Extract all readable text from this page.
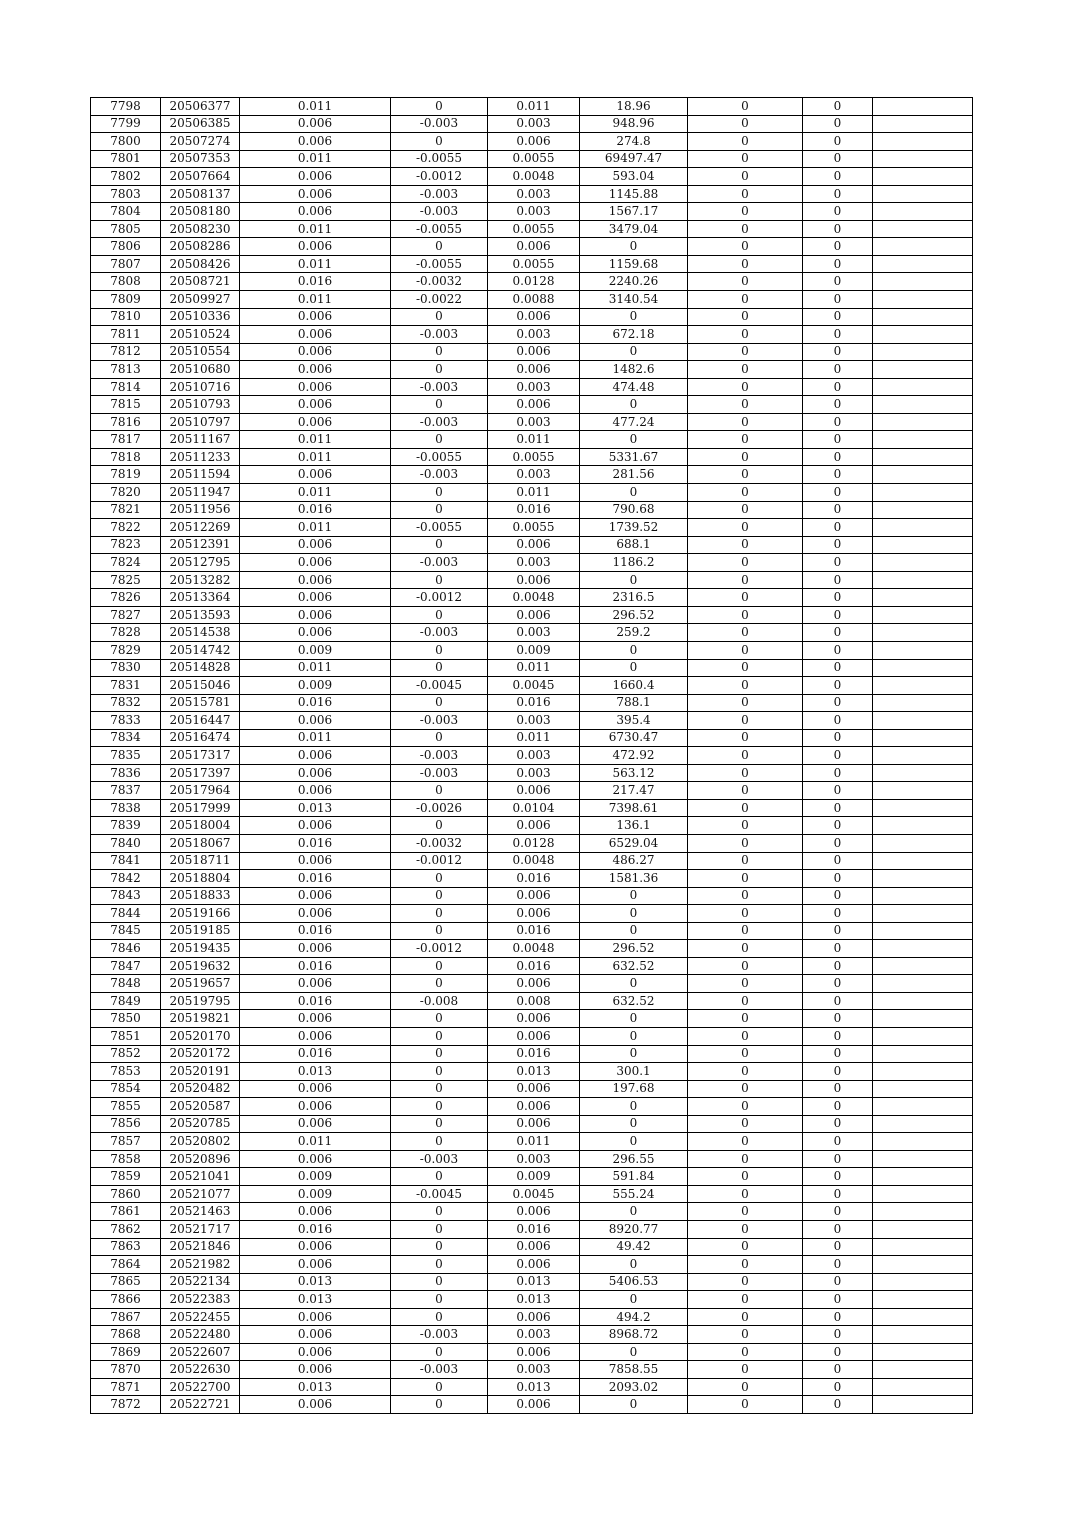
7798	20506377	0.011	0	0.011	18.96	0	0	
7799	20506385	0.006	-0.003	0.003	948.96	0	0	
7800	20507274	0.006	0	0.006	274.8	0	0	
7801	20507353	0.011	-0.0055	0.0055	69497.47	0	0	
7802	20507664	0.006	-0.0012	0.0048	593.04	0	0	
7803	20508137	0.006	-0.003	0.003	1145.88	0	0	
7804	20508180	0.006	-0.003	0.003	1567.17	0	0	
7805	20508230	0.011	-0.0055	0.0055	3479.04	0	0	
7806	20508286	0.006	0	0.006	0	0	0	
7807	20508426	0.011	-0.0055	0.0055	1159.68	0	0	
7808	20508721	0.016	-0.0032	0.0128	2240.26	0	0	
7809	20509927	0.011	-0.0022	0.0088	3140.54	0	0	
7810	20510336	0.006	0	0.006	0	0	0	
7811	20510524	0.006	-0.003	0.003	672.18	0	0	
7812	20510554	0.006	0	0.006	0	0	0	
7813	20510680	0.006	0	0.006	1482.6	0	0	
7814	20510716	0.006	-0.003	0.003	474.48	0	0	
7815	20510793	0.006	0	0.006	0	0	0	
7816	20510797	0.006	-0.003	0.003	477.24	0	0	
7817	20511167	0.011	0	0.011	0	0	0	
7818	20511233	0.011	-0.0055	0.0055	5331.67	0	0	
7819	20511594	0.006	-0.003	0.003	281.56	0	0	
7820	20511947	0.011	0	0.011	0	0	0	
7821	20511956	0.016	0	0.016	790.68	0	0	
7822	20512269	0.011	-0.0055	0.0055	1739.52	0	0	
7823	20512391	0.006	0	0.006	688.1	0	0	
7824	20512795	0.006	-0.003	0.003	1186.2	0	0	
7825	20513282	0.006	0	0.006	0	0	0	
7826	20513364	0.006	-0.0012	0.0048	2316.5	0	0	
7827	20513593	0.006	0	0.006	296.52	0	0	
7828	20514538	0.006	-0.003	0.003	259.2	0	0	
7829	20514742	0.009	0	0.009	0	0	0	
7830	20514828	0.011	0	0.011	0	0	0	
7831	20515046	0.009	-0.0045	0.0045	1660.4	0	0	
7832	20515781	0.016	0	0.016	788.1	0	0	
7833	20516447	0.006	-0.003	0.003	395.4	0	0	
7834	20516474	0.011	0	0.011	6730.47	0	0	
7835	20517317	0.006	-0.003	0.003	472.92	0	0	
7836	20517397	0.006	-0.003	0.003	563.12	0	0	
7837	20517964	0.006	0	0.006	217.47	0	0	
7838	20517999	0.013	-0.0026	0.0104	7398.61	0	0	
7839	20518004	0.006	0	0.006	136.1	0	0	
7840	20518067	0.016	-0.0032	0.0128	6529.04	0	0	
7841	20518711	0.006	-0.0012	0.0048	486.27	0	0	
7842	20518804	0.016	0	0.016	1581.36	0	0	
7843	20518833	0.006	0	0.006	0	0	0	
7844	20519166	0.006	0	0.006	0	0	0	
7845	20519185	0.016	0	0.016	0	0	0	
7846	20519435	0.006	-0.0012	0.0048	296.52	0	0	
7847	20519632	0.016	0	0.016	632.52	0	0	
7848	20519657	0.006	0	0.006	0	0	0	
7849	20519795	0.016	-0.008	0.008	632.52	0	0	
7850	20519821	0.006	0	0.006	0	0	0	
7851	20520170	0.006	0	0.006	0	0	0	
7852	20520172	0.016	0	0.016	0	0	0	
7853	20520191	0.013	0	0.013	300.1	0	0	
7854	20520482	0.006	0	0.006	197.68	0	0	
7855	20520587	0.006	0	0.006	0	0	0	
7856	20520785	0.006	0	0.006	0	0	0	
7857	20520802	0.011	0	0.011	0	0	0	
7858	20520896	0.006	-0.003	0.003	296.55	0	0	
7859	20521041	0.009	0	0.009	591.84	0	0	
7860	20521077	0.009	-0.0045	0.0045	555.24	0	0	
7861	20521463	0.006	0	0.006	0	0	0	
7862	20521717	0.016	0	0.016	8920.77	0	0	
7863	20521846	0.006	0	0.006	49.42	0	0	
7864	20521982	0.006	0	0.006	0	0	0	
7865	20522134	0.013	0	0.013	5406.53	0	0	
7866	20522383	0.013	0	0.013	0	0	0	
7867	20522455	0.006	0	0.006	494.2	0	0	
7868	20522480	0.006	-0.003	0.003	8968.72	0	0	
7869	20522607	0.006	0	0.006	0	0	0	
7870	20522630	0.006	-0.003	0.003	7858.55	0	0	
7871	20522700	0.013	0	0.013	2093.02	0	0	
7872	20522721	0.006	0	0.006	0	0	0	
